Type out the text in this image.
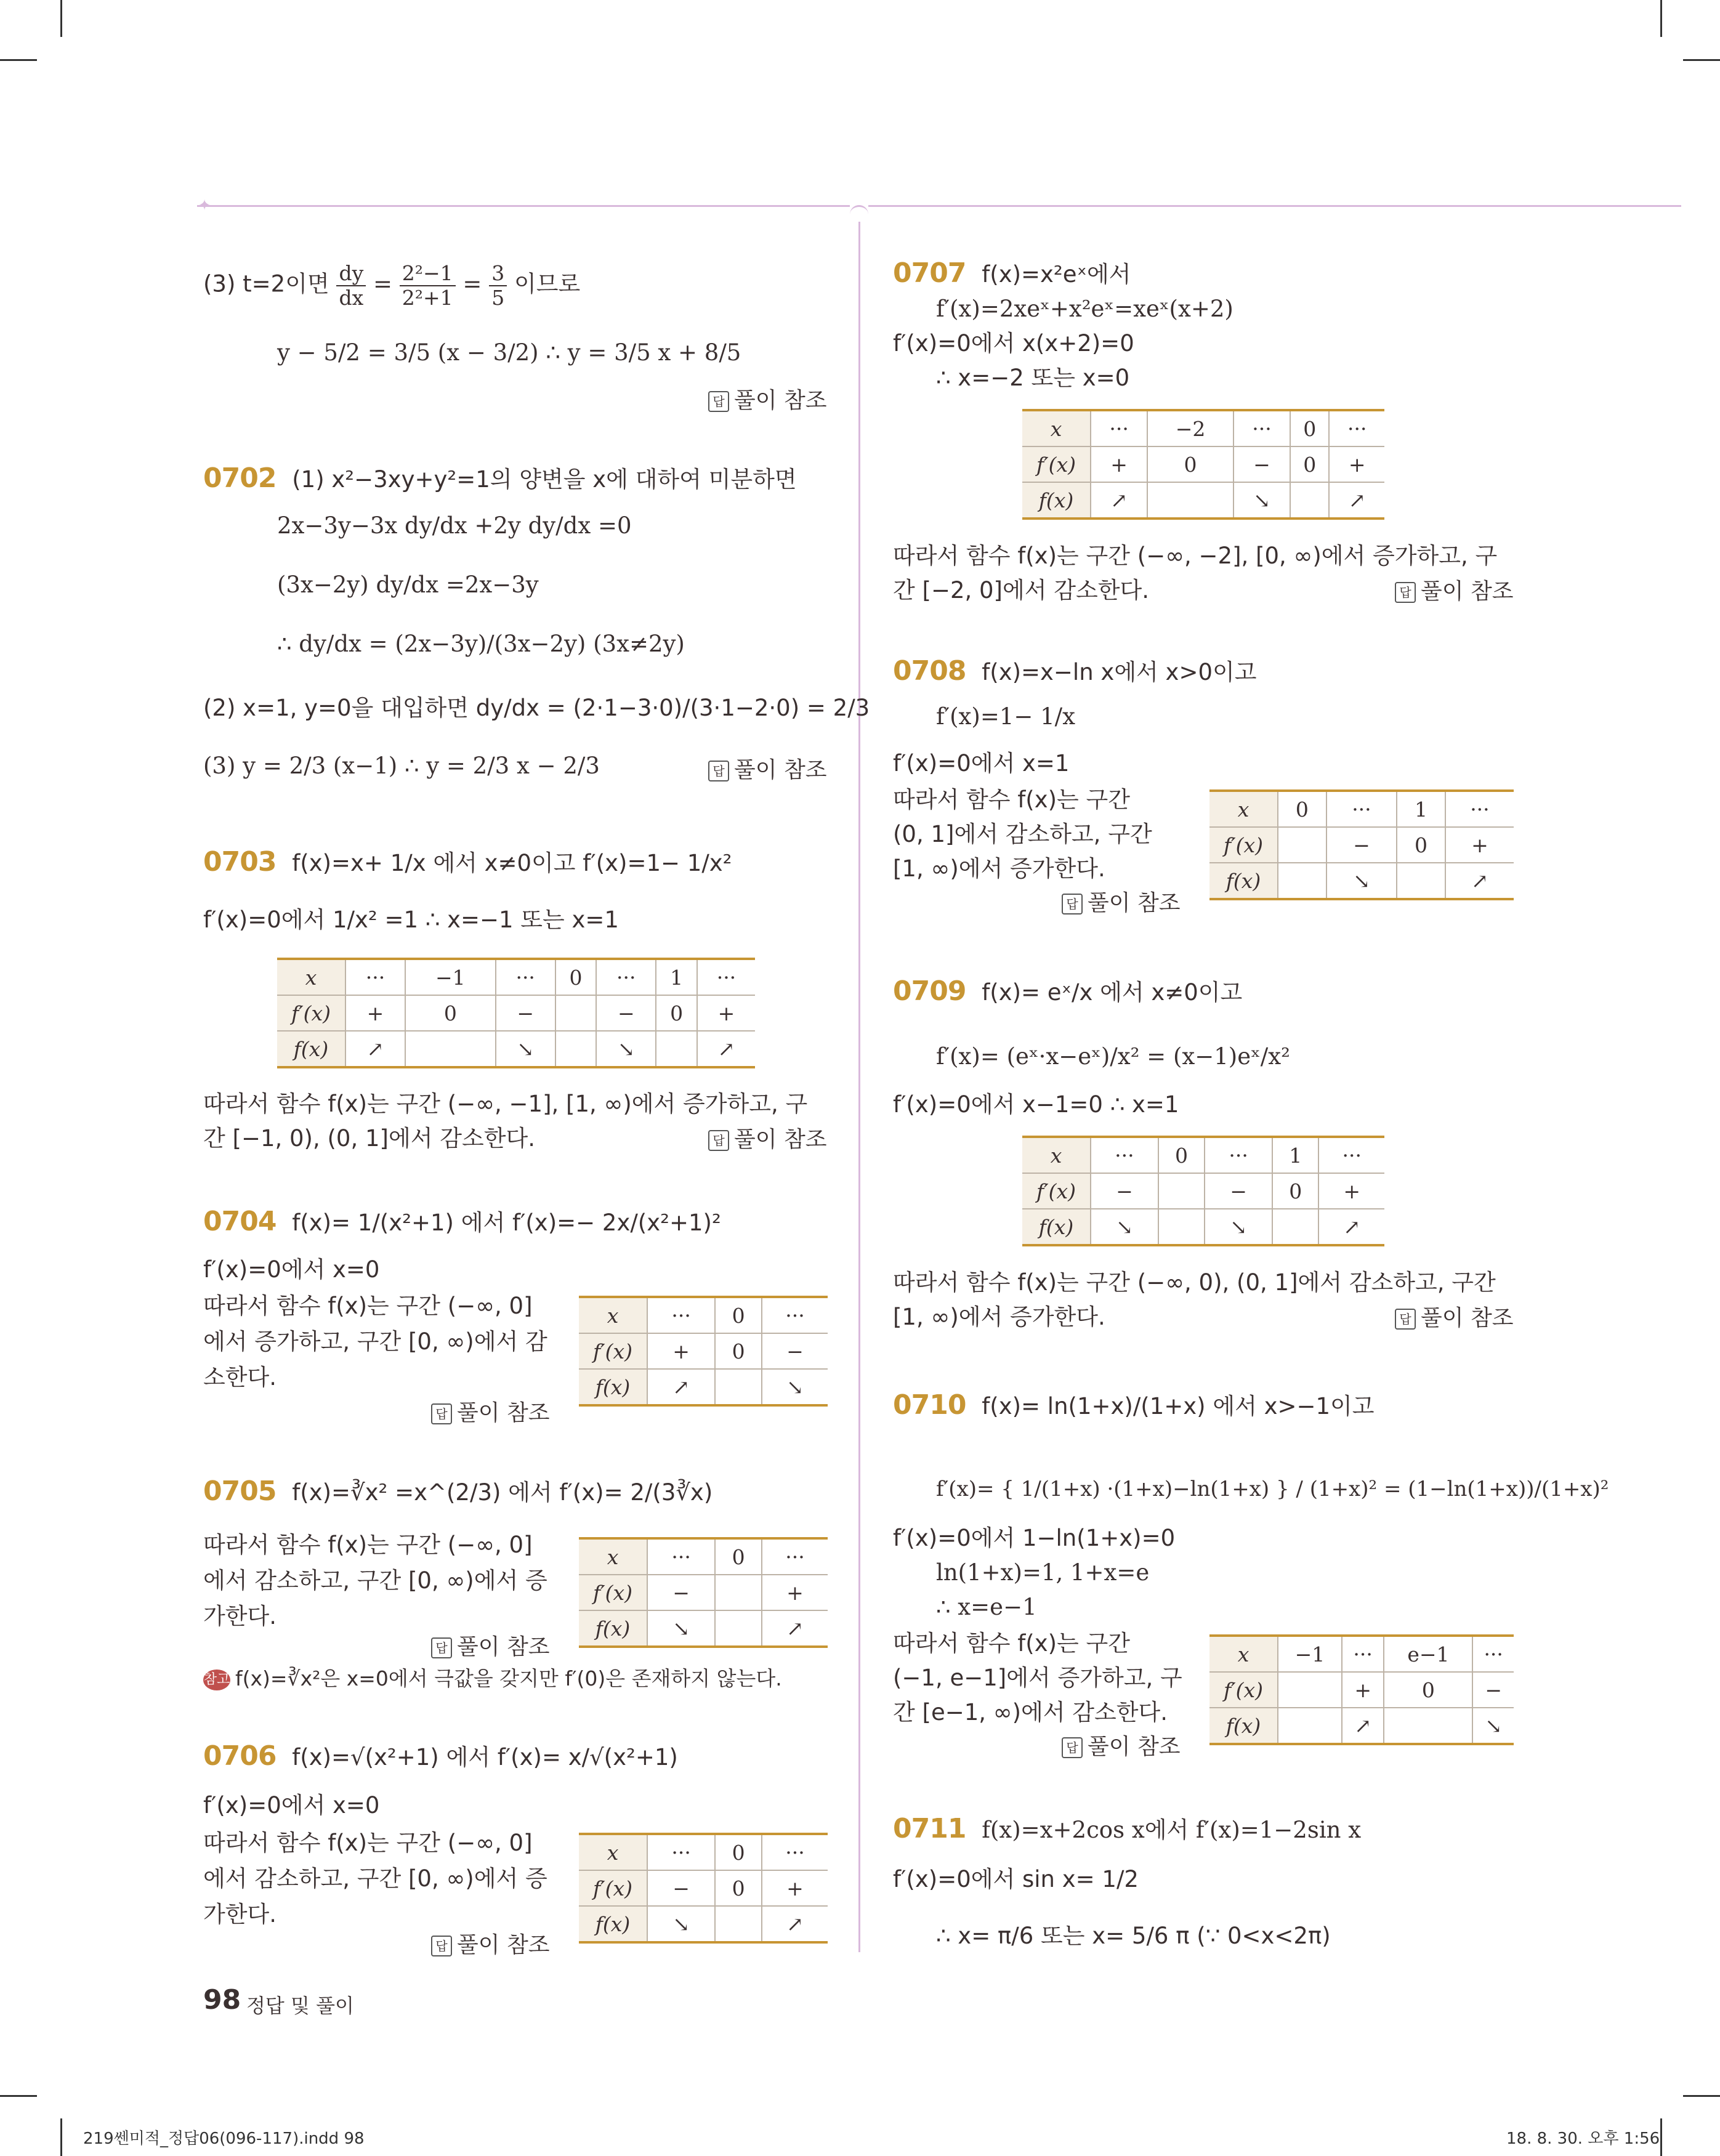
✦
(3) t=2이면 $\frac{dy}{dx} = \frac{\text{2²−1}}{\text{2²+1}} = \frac{3}{5}$ 이므로
y − 5/2 = 3/5 (x − 3/2) ∴ y = 3/5 x + 8/5
답 풀이 참조
0702 (1) x²−3xy+y²=1의 양변을 x에 대하여 미분하면
2x−3y−3x dy/dx +2y dy/dx =0
(3x−2y) dy/dx =2x−3y
∴ dy/dx = (2x−3y)/(3x−2y) (3x≠2y)
(2) x=1, y=0을 대입하면 dy/dx = (2·1−3·0)/(3·1−2·0) = 2/3
(3) y = 2/3 (x−1) ∴ y = 2/3 x − 2/3	답 풀이 참조
0703 f(x)=x+ 1/x 에서 x≠0이고 f′(x)=1− 1/x²
f′(x)=0에서 1/x² =1 ∴ x=−1 또는 x=1
x	···	−1	···	0	···	1	···
f′(x)	+	0	−		−	0	+
f(x)	↗		↘		↘		↗
따라서 함수 f(x)는 구간 (−∞, −1], [1, ∞)에서 증가하고, 구
간 [−1, 0), (0, 1]에서 감소한다.	답 풀이 참조
0704 f(x)= 1/(x²+1) 에서 f′(x)=− 2x/(x²+1)²
f′(x)=0에서 x=0
따라서 함수 f(x)는 구간 (−∞, 0]
에서 증가하고, 구간 [0, ∞)에서 감
소한다.
x	···	0	···
f′(x)	+	0	−
f(x)	↗		↘
답 풀이 참조
0705 f(x)=∛x² =x^(2/3) 에서 f′(x)= 2/(3∛x)
따라서 함수 f(x)는 구간 (−∞, 0]
에서 감소하고, 구간 [0, ∞)에서 증
가한다.
x	···	0	···
f′(x)	−		+
f(x)	↘		↗
답 풀이 참조
참고 f(x)=∛x²은 x=0에서 극값을 갖지만 f′(0)은 존재하지 않는다.
0706 f(x)=√(x²+1) 에서 f′(x)= x/√(x²+1)
f′(x)=0에서 x=0
따라서 함수 f(x)는 구간 (−∞, 0]
에서 감소하고, 구간 [0, ∞)에서 증
가한다.
x	···	0	···
f′(x)	−	0	+
f(x)	↘		↗
답 풀이 참조
0707 f(x)=x²eˣ에서
f′(x)=2xeˣ+x²eˣ=xeˣ(x+2)
f′(x)=0에서 x(x+2)=0
∴ x=−2 또는 x=0
x	···	−2	···	0	···
f′(x)	+	0	−	0	+
f(x)	↗		↘		↗
따라서 함수 f(x)는 구간 (−∞, −2], [0, ∞)에서 증가하고, 구
간 [−2, 0]에서 감소한다.	답 풀이 참조
0708 f(x)=x−ln x에서 x>0이고
f′(x)=1− 1/x
f′(x)=0에서 x=1
따라서 함수 f(x)는 구간
(0, 1]에서 감소하고, 구간
[1, ∞)에서 증가한다.
x	0	···	1	···
f′(x)		−	0	+
f(x)		↘		↗
답 풀이 참조
0709 f(x)= eˣ/x 에서 x≠0이고
f′(x)= (eˣ·x−eˣ)/x² = (x−1)eˣ/x²
f′(x)=0에서 x−1=0 ∴ x=1
x	···	0	···	1	···
f′(x)	−		−	0	+
f(x)	↘		↘		↗
따라서 함수 f(x)는 구간 (−∞, 0), (0, 1]에서 감소하고, 구간
[1, ∞)에서 증가한다.	답 풀이 참조
0710 f(x)= ln(1+x)/(1+x) 에서 x>−1이고
f′(x)= { 1/(1+x) ·(1+x)−ln(1+x) } / (1+x)² = (1−ln(1+x))/(1+x)²
f′(x)=0에서 1−ln(1+x)=0
ln(1+x)=1, 1+x=e
∴ x=e−1
따라서 함수 f(x)는 구간
(−1, e−1]에서 증가하고, 구
간 [e−1, ∞)에서 감소한다.
x	−1	···	e−1	···
f′(x)		+	0	−
f(x)		↗		↘
답 풀이 참조
0711 f(x)=x+2cos x에서 f′(x)=1−2sin x
f′(x)=0에서 sin x= 1/2
∴ x= π/6 또는 x= 5/6 π (∵ 0<x<2π)
98 정답 및 풀이
219쎈미적_정답06(096-117).indd 98	18. 8. 30. 오후 1:56
